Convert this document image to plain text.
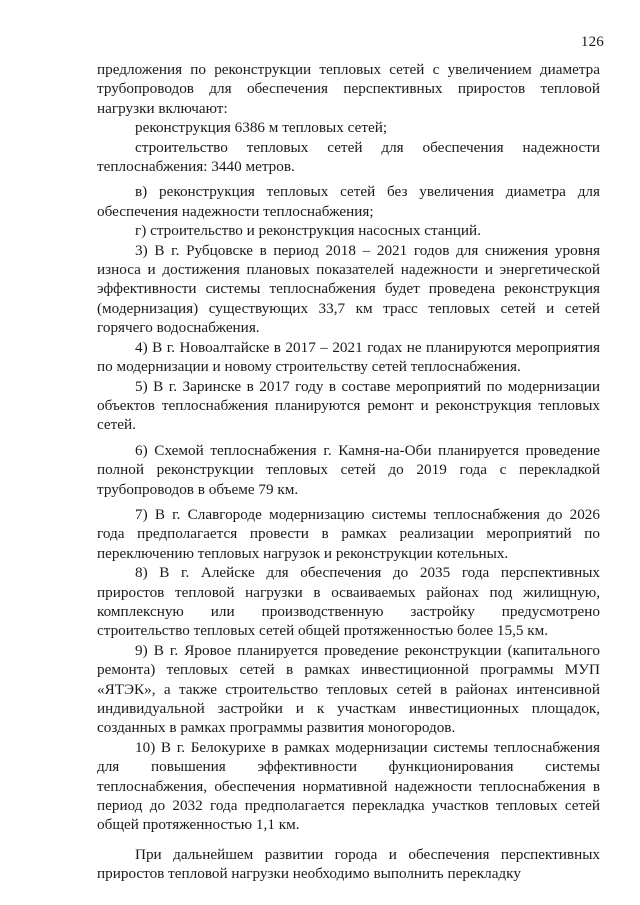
126

предложения по реконструкции тепловых сетей с увеличением диаметра трубопроводов для обеспечения перспективных приростов тепловой нагрузки включают:

реконструкция 6386 м тепловых сетей;

строительство тепловых сетей для обеспечения надежности теплоснабжения: 3440 метров.

в) реконструкция тепловых сетей без увеличения диаметра для обеспечения надежности теплоснабжения;

г) строительство и реконструкция насосных станций.

3) В г. Рубцовске в период 2018 – 2021 годов для снижения уровня износа и достижения плановых показателей надежности и энергетической эффективности системы теплоснабжения будет проведена реконструкция (модернизация) существующих 33,7 км трасс тепловых сетей и сетей горячего водоснабжения.

4) В г. Новоалтайске в 2017 – 2021 годах не планируются мероприятия по модернизации и новому строительству сетей теплоснабжения.

5) В г. Заринске в 2017 году в составе мероприятий по модернизации объектов теплоснабжения планируются ремонт и реконструкция тепловых сетей.

6) Схемой теплоснабжения г. Камня-на-Оби планируется проведение полной реконструкции тепловых сетей до 2019 года с перекладкой трубопроводов в объеме 79 км.

7) В г. Славгороде модернизацию системы теплоснабжения до 2026 года предполагается провести в рамках реализации мероприятий по переключению тепловых нагрузок и реконструкции котельных.

8) В г. Алейске для обеспечения до 2035 года перспективных приростов тепловой нагрузки в осваиваемых районах под жилищную, комплексную или производственную застройку предусмотрено строительство тепловых сетей общей протяженностью более 15,5 км.

9) В г. Яровое планируется проведение реконструкции (капитального ремонта) тепловых сетей в рамках инвестиционной программы МУП «ЯТЭК», а также строительство тепловых сетей в районах интенсивной индивидуальной застройки и к участкам инвестиционных площадок, созданных в рамках программы развития моногородов.

10) В г. Белокурихе в рамках модернизации системы теплоснабжения для повышения эффективности функционирования системы теплоснабжения, обеспечения нормативной надежности теплоснабжения в период до 2032 года предполагается перекладка участков тепловых сетей общей протяженностью 1,1 км.

При дальнейшем развитии города и обеспечения перспективных приростов тепловой нагрузки необходимо выполнить перекладку
